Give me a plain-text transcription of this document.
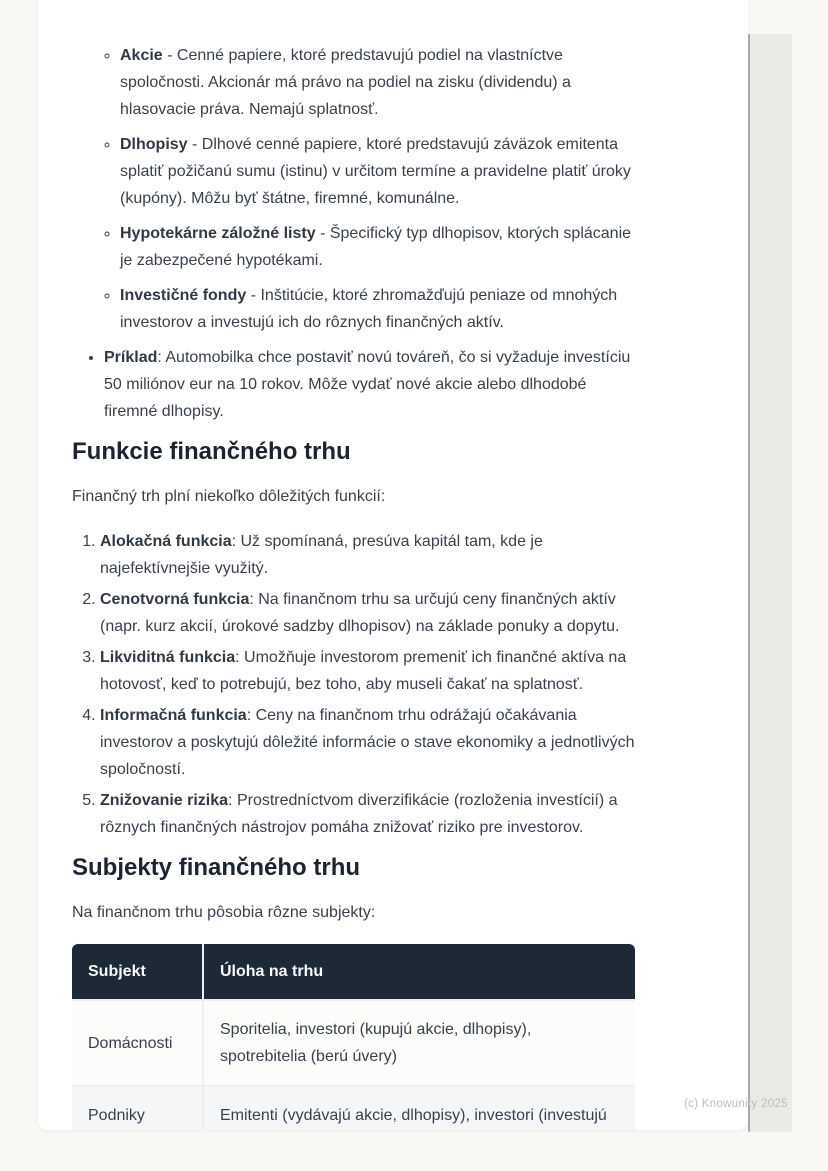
◦ Akcie - Cenné papiere, ktoré predstavujú podiel na vlastníctve spoločnosti. Akcionár má právo na podiel na zisku (dividendu) a hlasovacie práva. Nemajú splatnosť.
◦ Dlhopisy - Dlhové cenné papiere, ktoré predstavujú záväzok emitenta splatiť požičanú sumu (istinu) v určitom termíne a pravidelne platiť úroky (kupóny). Môžu byť štátne, firemné, komunálne.
◦ Hypotekárne záložné listy - Špecifický typ dlhopisov, ktorých splácanie je zabezpečené hypotékami.
◦ Investičné fondy - Inštitúcie, ktoré zhromažďujú peniaze od mnohých investorov a investujú ich do rôznych finančných aktív.
• Príklad: Automobilka chce postaviť novú továreň, čo si vyžaduje investíciu 50 miliónov eur na 10 rokov. Môže vydať nové akcie alebo dlhodobé firemné dlhopisy.
Funkcie finančného trhu

Finančný trh plní niekoľko dôležitých funkcií:

1. Alokačná funkcia: Už spomínaná, presúva kapitál tam, kde je najefektívnejšie využitý.
2. Cenotvorná funkcia: Na finančnom trhu sa určujú ceny finančných aktív (napr. kurz akcií, úrokové sadzby dlhopisov) na základe ponuky a dopytu.
3. Likviditná funkcia: Umožňuje investorom premeniť ich finančné aktíva na hotovosť, keď to potrebujú, bez toho, aby museli čakať na splatnosť.
4. Informačná funkcia: Ceny na finančnom trhu odrážajú očakávania investorov a poskytujú dôležité informácie o stave ekonomiky a jednotlivých spoločností.
5. Znižovanie rizika: Prostredníctvom diverzifikácie (rozloženia investícií) a rôznych finančných nástrojov pomáha znižovať riziko pre investorov.
Subjekty finančného trhu

Na finančnom trhu pôsobia rôzne subjekty:

Subjekt	Úloha na trhu
Domácnosti	Sporitelia, investori (kupujú akcie, dlhopisy), spotrebitelia (berú úvery)
Podniky	Emitenti (vydávajú akcie, dlhopisy), investori (investujú
(c) Knowunity 2025
